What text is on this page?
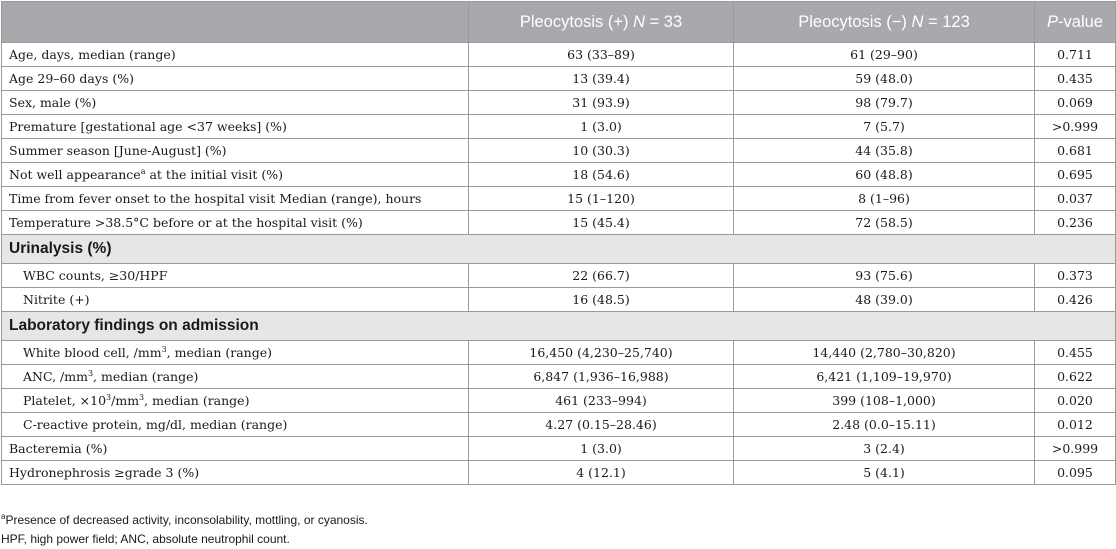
	Pleocytosis (+) N = 33	Pleocytosis (−) N = 123	P-value
Age, days, median (range)	63 (33–89)	61 (29–90)	0.711
Age 29–60 days (%)	13 (39.4)	59 (48.0)	0.435
Sex, male (%)	31 (93.9)	98 (79.7)	0.069
Premature [gestational age <37 weeks] (%)	1 (3.0)	7 (5.7)	>0.999
Summer season [June-August] (%)	10 (30.3)	44 (35.8)	0.681
Not well appearance$^a$ at the initial visit (%)	18 (54.6)	60 (48.8)	0.695
Time from fever onset to the hospital visit Median (range), hours	15 (1–120)	8 (1–96)	0.037
Temperature >38.5°C before or at the hospital visit (%)	15 (45.4)	72 (58.5)	0.236
Urinalysis (%)			
WBC counts, ≥30/HPF	22 (66.7)	93 (75.6)	0.373
Nitrite (+)	16 (48.5)	48 (39.0)	0.426
Laboratory findings on admission			
White blood cell, $/mm^3$, median (range)	16,450 (4,230–25,740)	14,440 (2,780–30,820)	0.455
ANC, $/mm^3$, median (range)	6,847 (1,936–16,988)	6,421 (1,109–19,970)	0.622
Platelet, $\times 10^3/mm^3$, median (range)	461 (233–994)	399 (108–1,000)	0.020
C-reactive protein, mg/dl, median (range)	4.27 (0.15–28.46)	2.48 (0.0–15.11)	0.012
Bacteremia (%)	1 (3.0)	3 (2.4)	>0.999
Hydronephrosis ≥grade 3 (%)	4 (12.1)	5 (4.1)	0.095
$^a$Presence of decreased activity, inconsolability, mottling, or cyanosis.
HPF, high power field; ANC, absolute neutrophil count.
